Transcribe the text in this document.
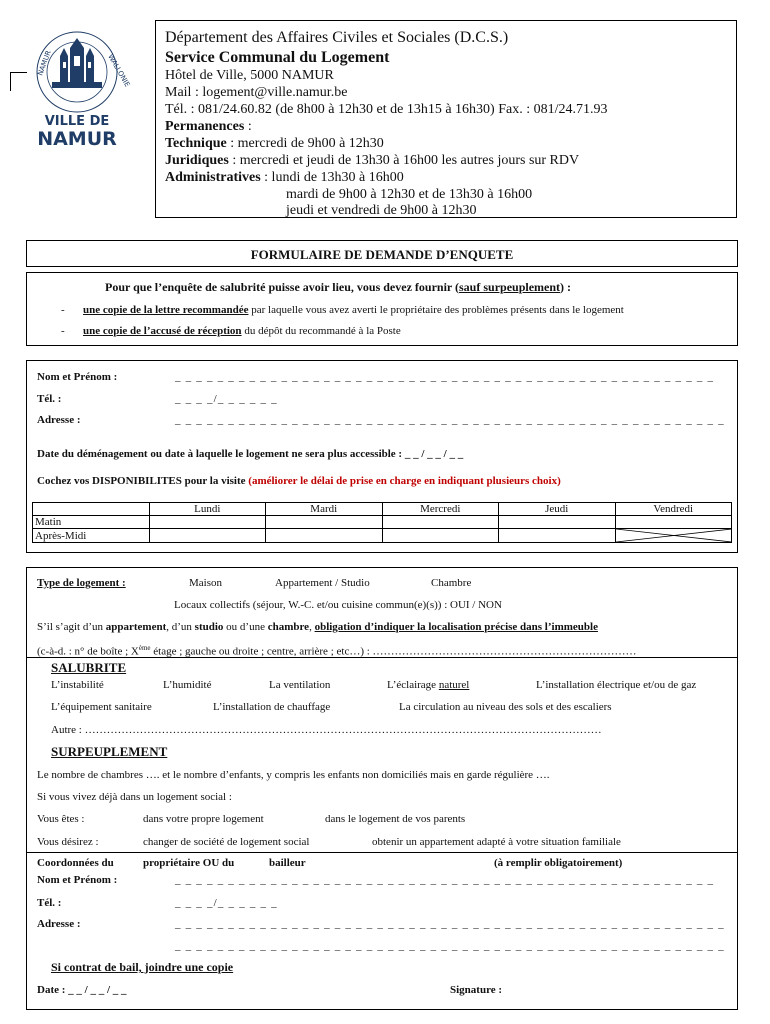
NAMUR	WALLONIE
VILLE DE
NAMUR
Département des Affaires Civiles et Sociales (D.C.S.)
Service Communal du Logement
Hôtel de Ville, 5000 NAMUR
Mail : logement@ville.namur.be
Tél. : 081/24.60.82 (de 8h00 à 12h30 et de 13h15 à 16h30) Fax. : 081/24.71.93
Permanences :
Technique : mercredi de 9h00 à 12h30
Juridiques : mercredi et jeudi de 13h30 à 16h00 les autres jours sur RDV
Administratives : lundi de 13h30 à 16h00
mardi de 9h00 à 12h30 et de 13h30 à 16h00
jeudi et vendredi de 9h00 à 12h30
FORMULAIRE DE DEMANDE D’ENQUETE
Pour que l’enquête de salubrité puisse avoir lieu, vous devez fournir (sauf surpeuplement) :
- une copie de la lettre recommandée par laquelle vous avez averti le propriétaire des problèmes présents dans le logement
- une copie de l’accusé de réception du dépôt du recommandé à la Poste
Nom et Prénom :	_ _ _ _ _ _ _ _ _ _ _ _ _ _ _ _ _ _ _ _ _ _ _ _ _ _ _ _ _ _ _ _ _ _ _ _ _ _ _ _ _ _ _ _ _ _ _ _ _ _ _
Tél. :	_ _ _ _/_ _ _ _ _ _
Adresse :	_ _ _ _ _ _ _ _ _ _ _ _ _ _ _ _ _ _ _ _ _ _ _ _ _ _ _ _ _ _ _ _ _ _ _ _ _ _ _ _ _ _ _ _ _ _ _ _ _ _ _ _
Date du déménagement ou date à laquelle le logement ne sera plus accessible : _ _ / _ _ / _ _
Cochez vos DISPONIBILITES pour la visite (améliorer le délai de prise en charge en indiquant plusieurs choix)
	Lundi	Mardi	Mercredi	Jeudi	Vendredi
Matin					
Après-Midi					
Type de logement :	Maison	Appartement / Studio	Chambre
Locaux collectifs (séjour, W.-C. et/ou cuisine commun(e)(s)) : OUI / NON
S’il s’agit d’un appartement, d’un studio ou d’une chambre, obligation d’indiquer la localisation précise dans l’immeuble
(c-à-d. : n° de boîte ; Xème étage ; gauche ou droite ; centre, arrière ; etc…) : ………………………………………………………………
SALUBRITE
L’instabilité	L’humidité	La ventilation	L’éclairage naturel	L’installation électrique et/ou de gaz
L’équipement sanitaire	L’installation de chauffage	La circulation au niveau des sols et des escaliers
Autre : ……………………………………………………………………………………………………………………………
SURPEUPLEMENT
Le nombre de chambres …. et le nombre d’enfants, y compris les enfants non domiciliés mais en garde régulière ….
Si vous vivez déjà dans un logement social :
Vous êtes :	dans votre propre logement	dans le logement de vos parents
Vous désirez :	changer de société de logement social	obtenir un appartement adapté à votre situation familiale
Coordonnées du	propriétaire OU du	bailleur	(à remplir obligatoirement)
Nom et Prénom :	_ _ _ _ _ _ _ _ _ _ _ _ _ _ _ _ _ _ _ _ _ _ _ _ _ _ _ _ _ _ _ _ _ _ _ _ _ _ _ _ _ _ _ _ _ _ _ _ _ _ _
Tél. :	_ _ _ _/_ _ _ _ _ _
Adresse :	_ _ _ _ _ _ _ _ _ _ _ _ _ _ _ _ _ _ _ _ _ _ _ _ _ _ _ _ _ _ _ _ _ _ _ _ _ _ _ _ _ _ _ _ _ _ _ _ _ _ _ _
_ _ _ _ _ _ _ _ _ _ _ _ _ _ _ _ _ _ _ _ _ _ _ _ _ _ _ _ _ _ _ _ _ _ _ _ _ _ _ _ _ _ _ _ _ _ _ _ _ _ _ _
Si contrat de bail, joindre une copie
Date : _ _ / _ _ / _ _	Signature :
